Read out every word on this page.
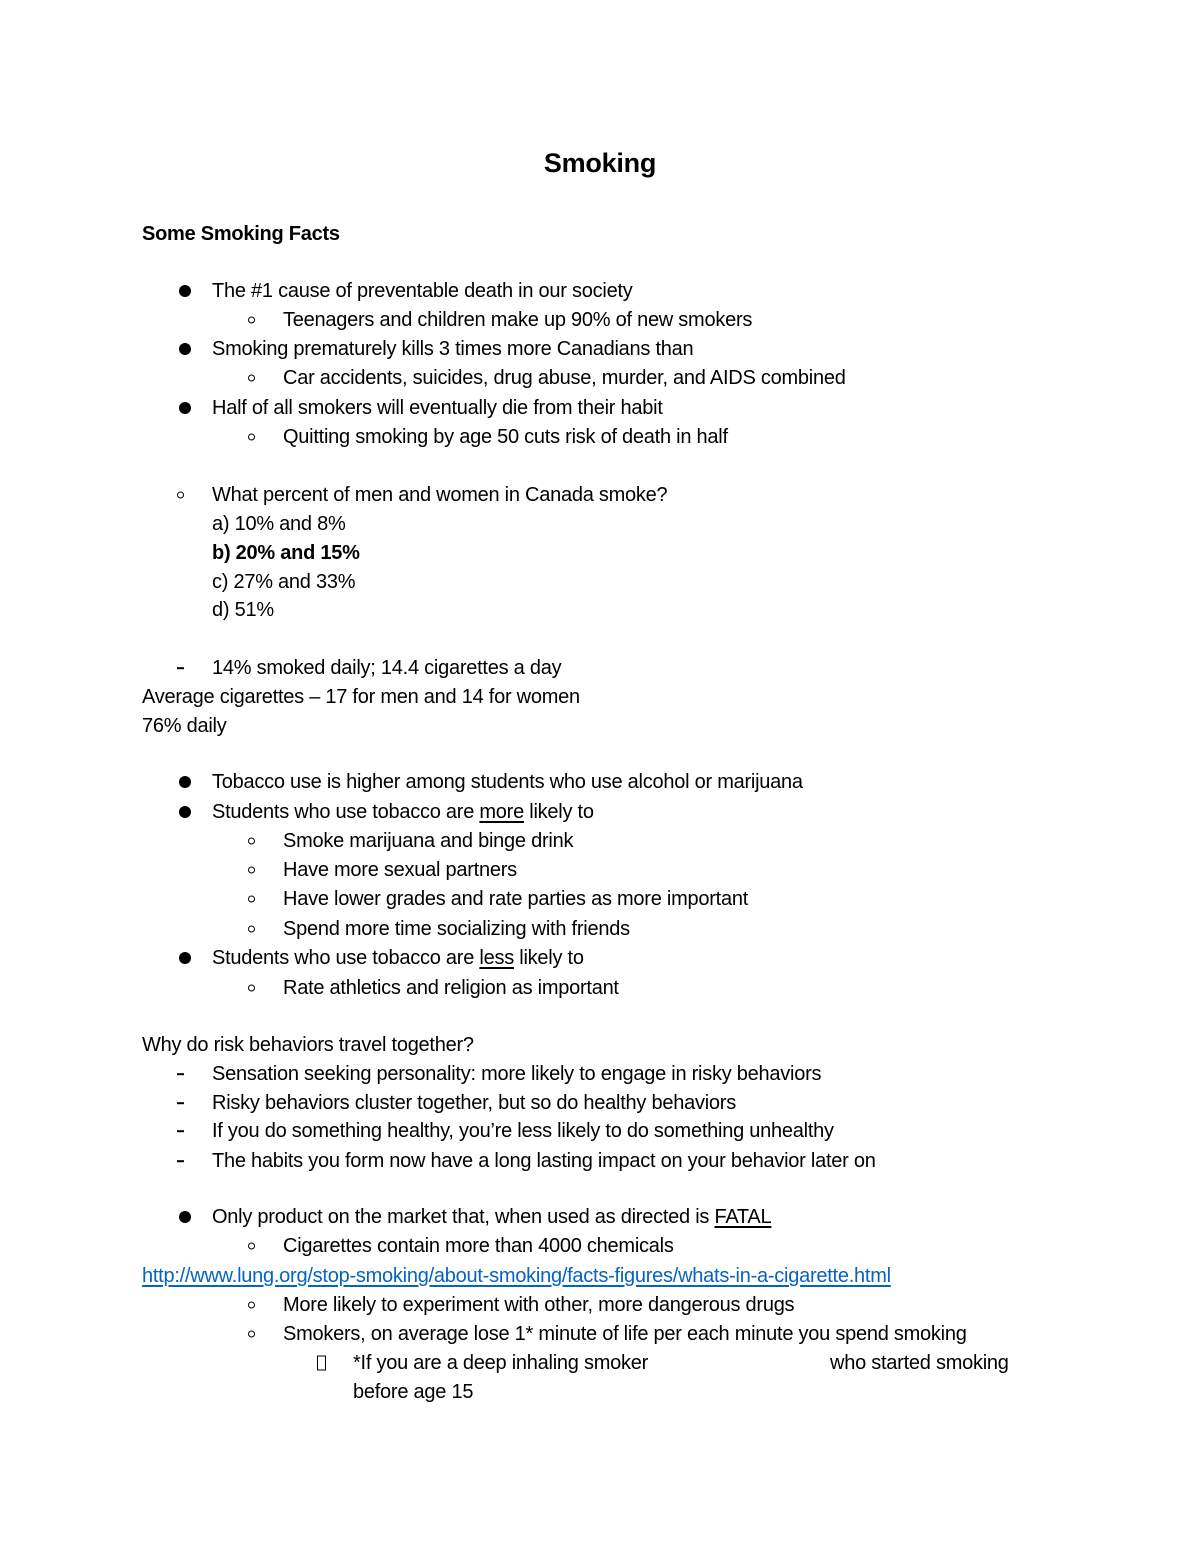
Smoking
Some Smoking Facts
The #1 cause of preventable death in our society
Teenagers and children make up 90% of new smokers
Smoking prematurely kills 3 times more Canadians than
Car accidents, suicides, drug abuse, murder, and AIDS combined
Half of all smokers will eventually die from their habit
Quitting smoking by age 50 cuts risk of death in half
What percent of men and women in Canada smoke?
a) 10% and 8%
b) 20% and 15%
c) 27% and 33%
d) 51%
14% smoked daily; 14.4 cigarettes a day
Average cigarettes – 17 for men and 14 for women
76% daily
Tobacco use is higher among students who use alcohol or marijuana
Students who use tobacco are more likely to
Smoke marijuana and binge drink
Have more sexual partners
Have lower grades and rate parties as more important
Spend more time socializing with friends
Students who use tobacco are less likely to
Rate athletics and religion as important
Why do risk behaviors travel together?
Sensation seeking personality: more likely to engage in risky behaviors
Risky behaviors cluster together, but so do healthy behaviors
If you do something healthy, you’re less likely to do something unhealthy
The habits you form now have a long lasting impact on your behavior later on
Only product on the market that, when used as directed is FATAL
Cigarettes contain more than 4000 chemicals
http://www.lung.org/stop-smoking/about-smoking/facts-figures/whats-in-a-cigarette.html
More likely to experiment with other, more dangerous drugs
Smokers, on average lose 1* minute of life per each minute you spend smoking
*If you are a deep inhaling smoker	who started smoking
before age 15
